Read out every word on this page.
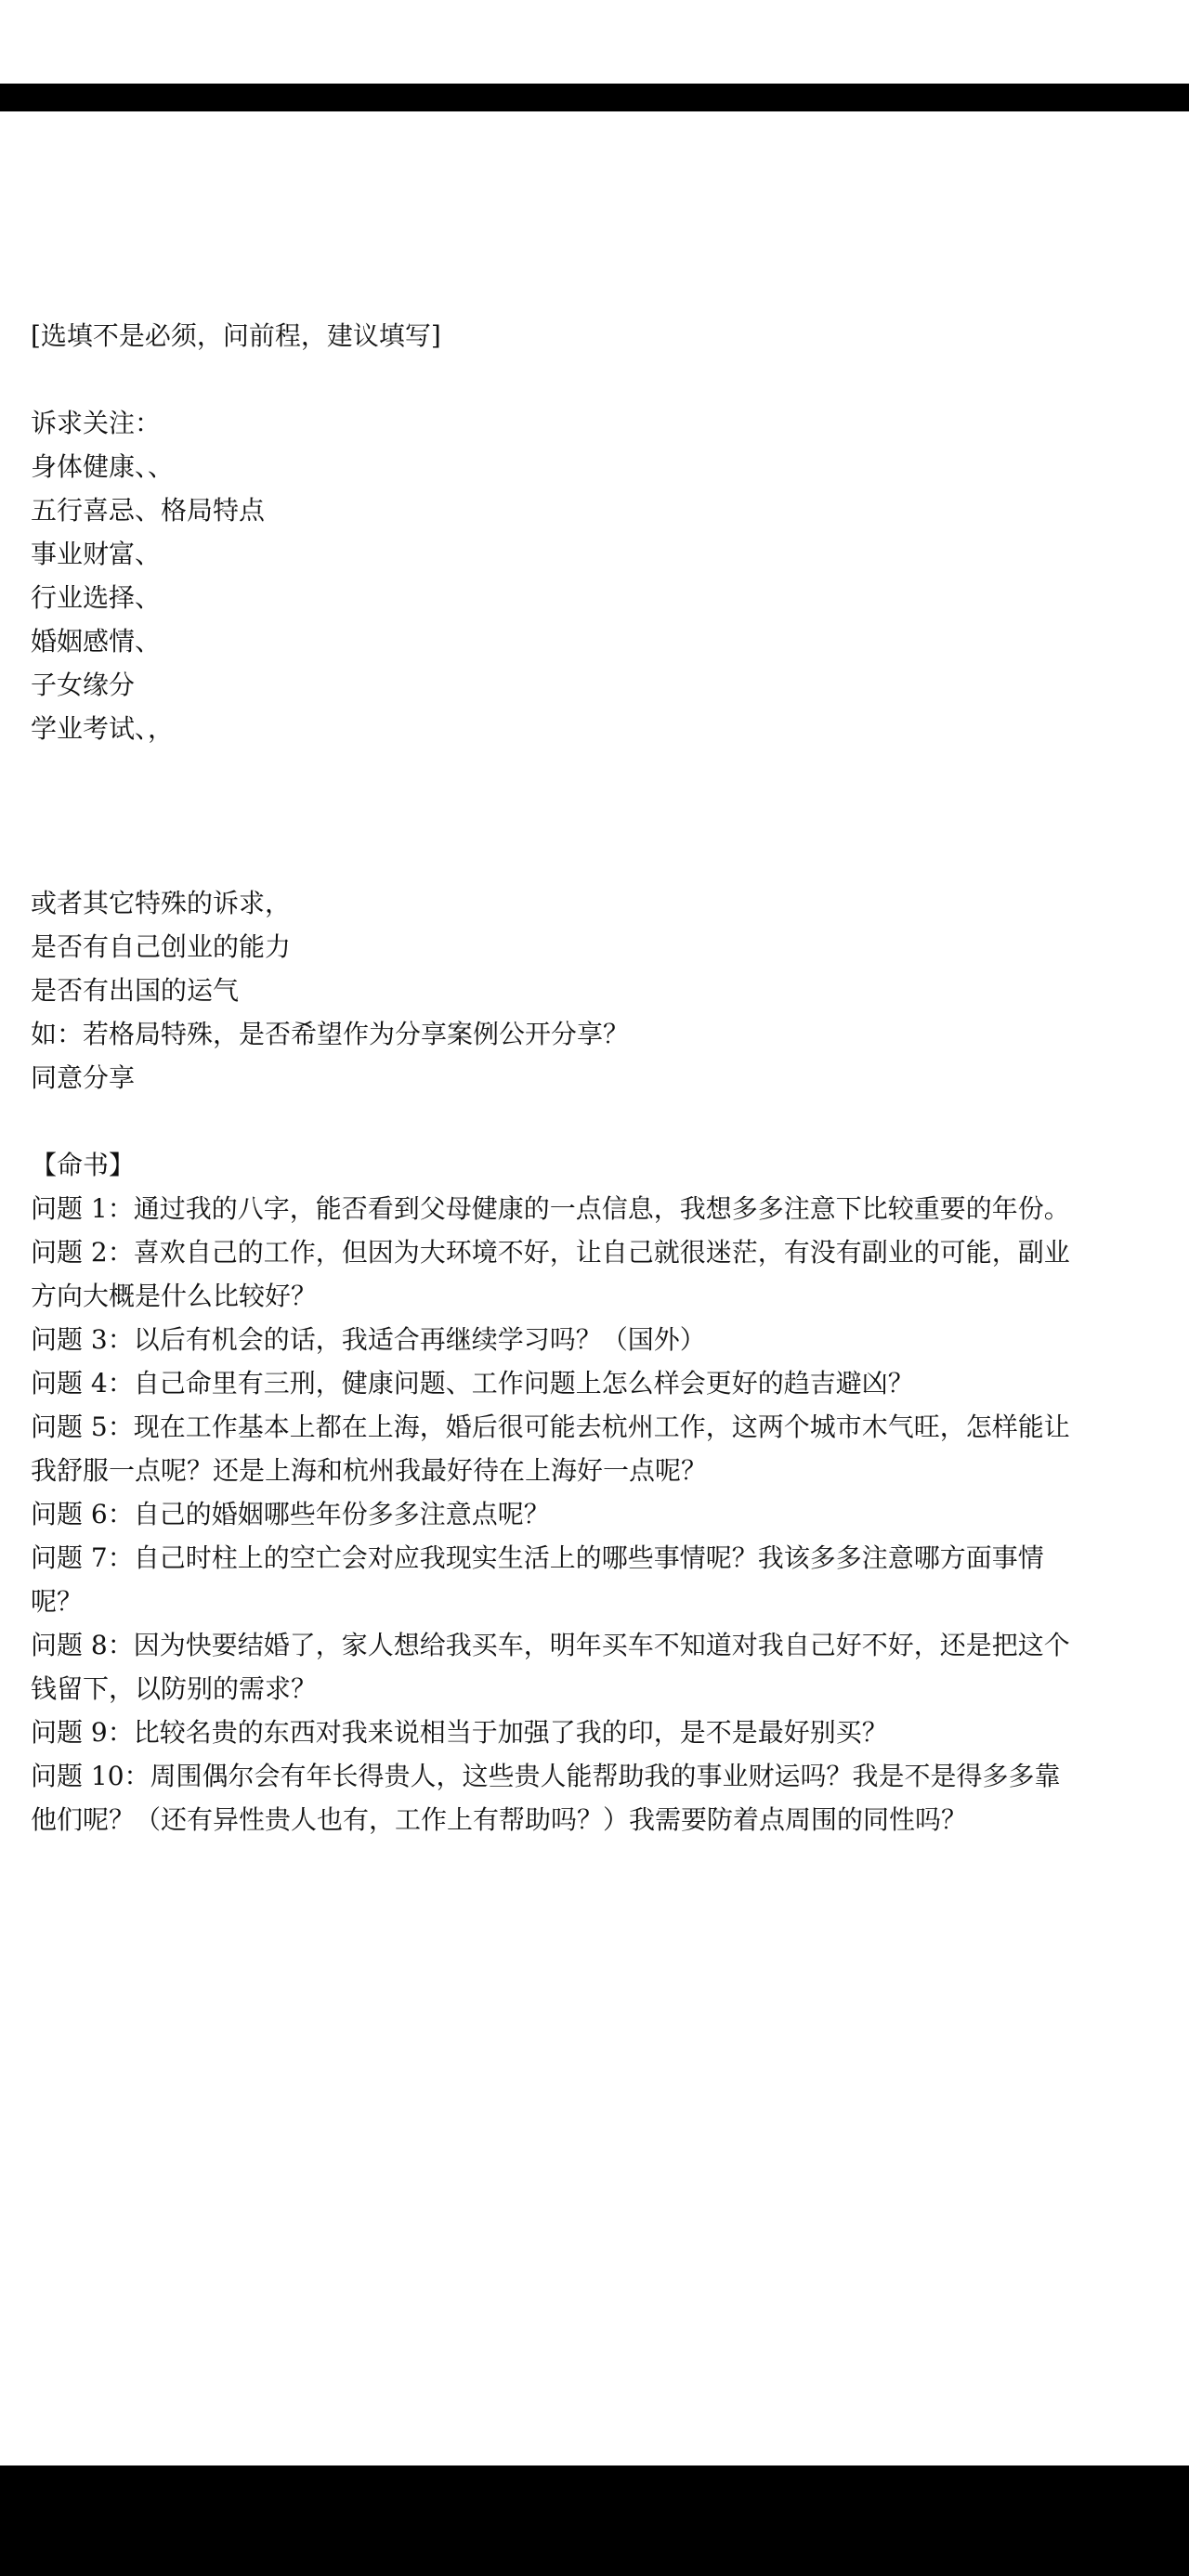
[选填不是必须，问前程，建议填写]
诉求关注：
身体健康、、
五行喜忌、格局特点
事业财富、
行业选择、
婚姻感情、
子女缘分
学业考试、，
或者其它特殊的诉求，
是否有自己创业的能力
是否有出国的运气
如：若格局特殊，是否希望作为分享案例公开分享？
同意分享
【命书】
问题 1：通过我的八字，能否看到父母健康的一点信息，我想多多注意下比较重要的年份。
问题 2：喜欢自己的工作，但因为大环境不好，让自己就很迷茫，有没有副业的可能，副业
方向大概是什么比较好？
问题 3：以后有机会的话，我适合再继续学习吗？（国外）
问题 4：自己命里有三刑，健康问题、工作问题上怎么样会更好的趋吉避凶？
问题 5：现在工作基本上都在上海，婚后很可能去杭州工作，这两个城市木气旺，怎样能让
我舒服一点呢？还是上海和杭州我最好待在上海好一点呢？
问题 6：自己的婚姻哪些年份多多注意点呢？
问题 7：自己时柱上的空亡会对应我现实生活上的哪些事情呢？我该多多注意哪方面事情
呢？
问题 8：因为快要结婚了，家人想给我买车，明年买车不知道对我自己好不好，还是把这个
钱留下，以防别的需求？
问题 9：比较名贵的东西对我来说相当于加强了我的印，是不是最好别买？
问题 10：周围偶尔会有年长得贵人，这些贵人能帮助我的事业财运吗？我是不是得多多靠
他们呢？（还有异性贵人也有，工作上有帮助吗？）我需要防着点周围的同性吗？
